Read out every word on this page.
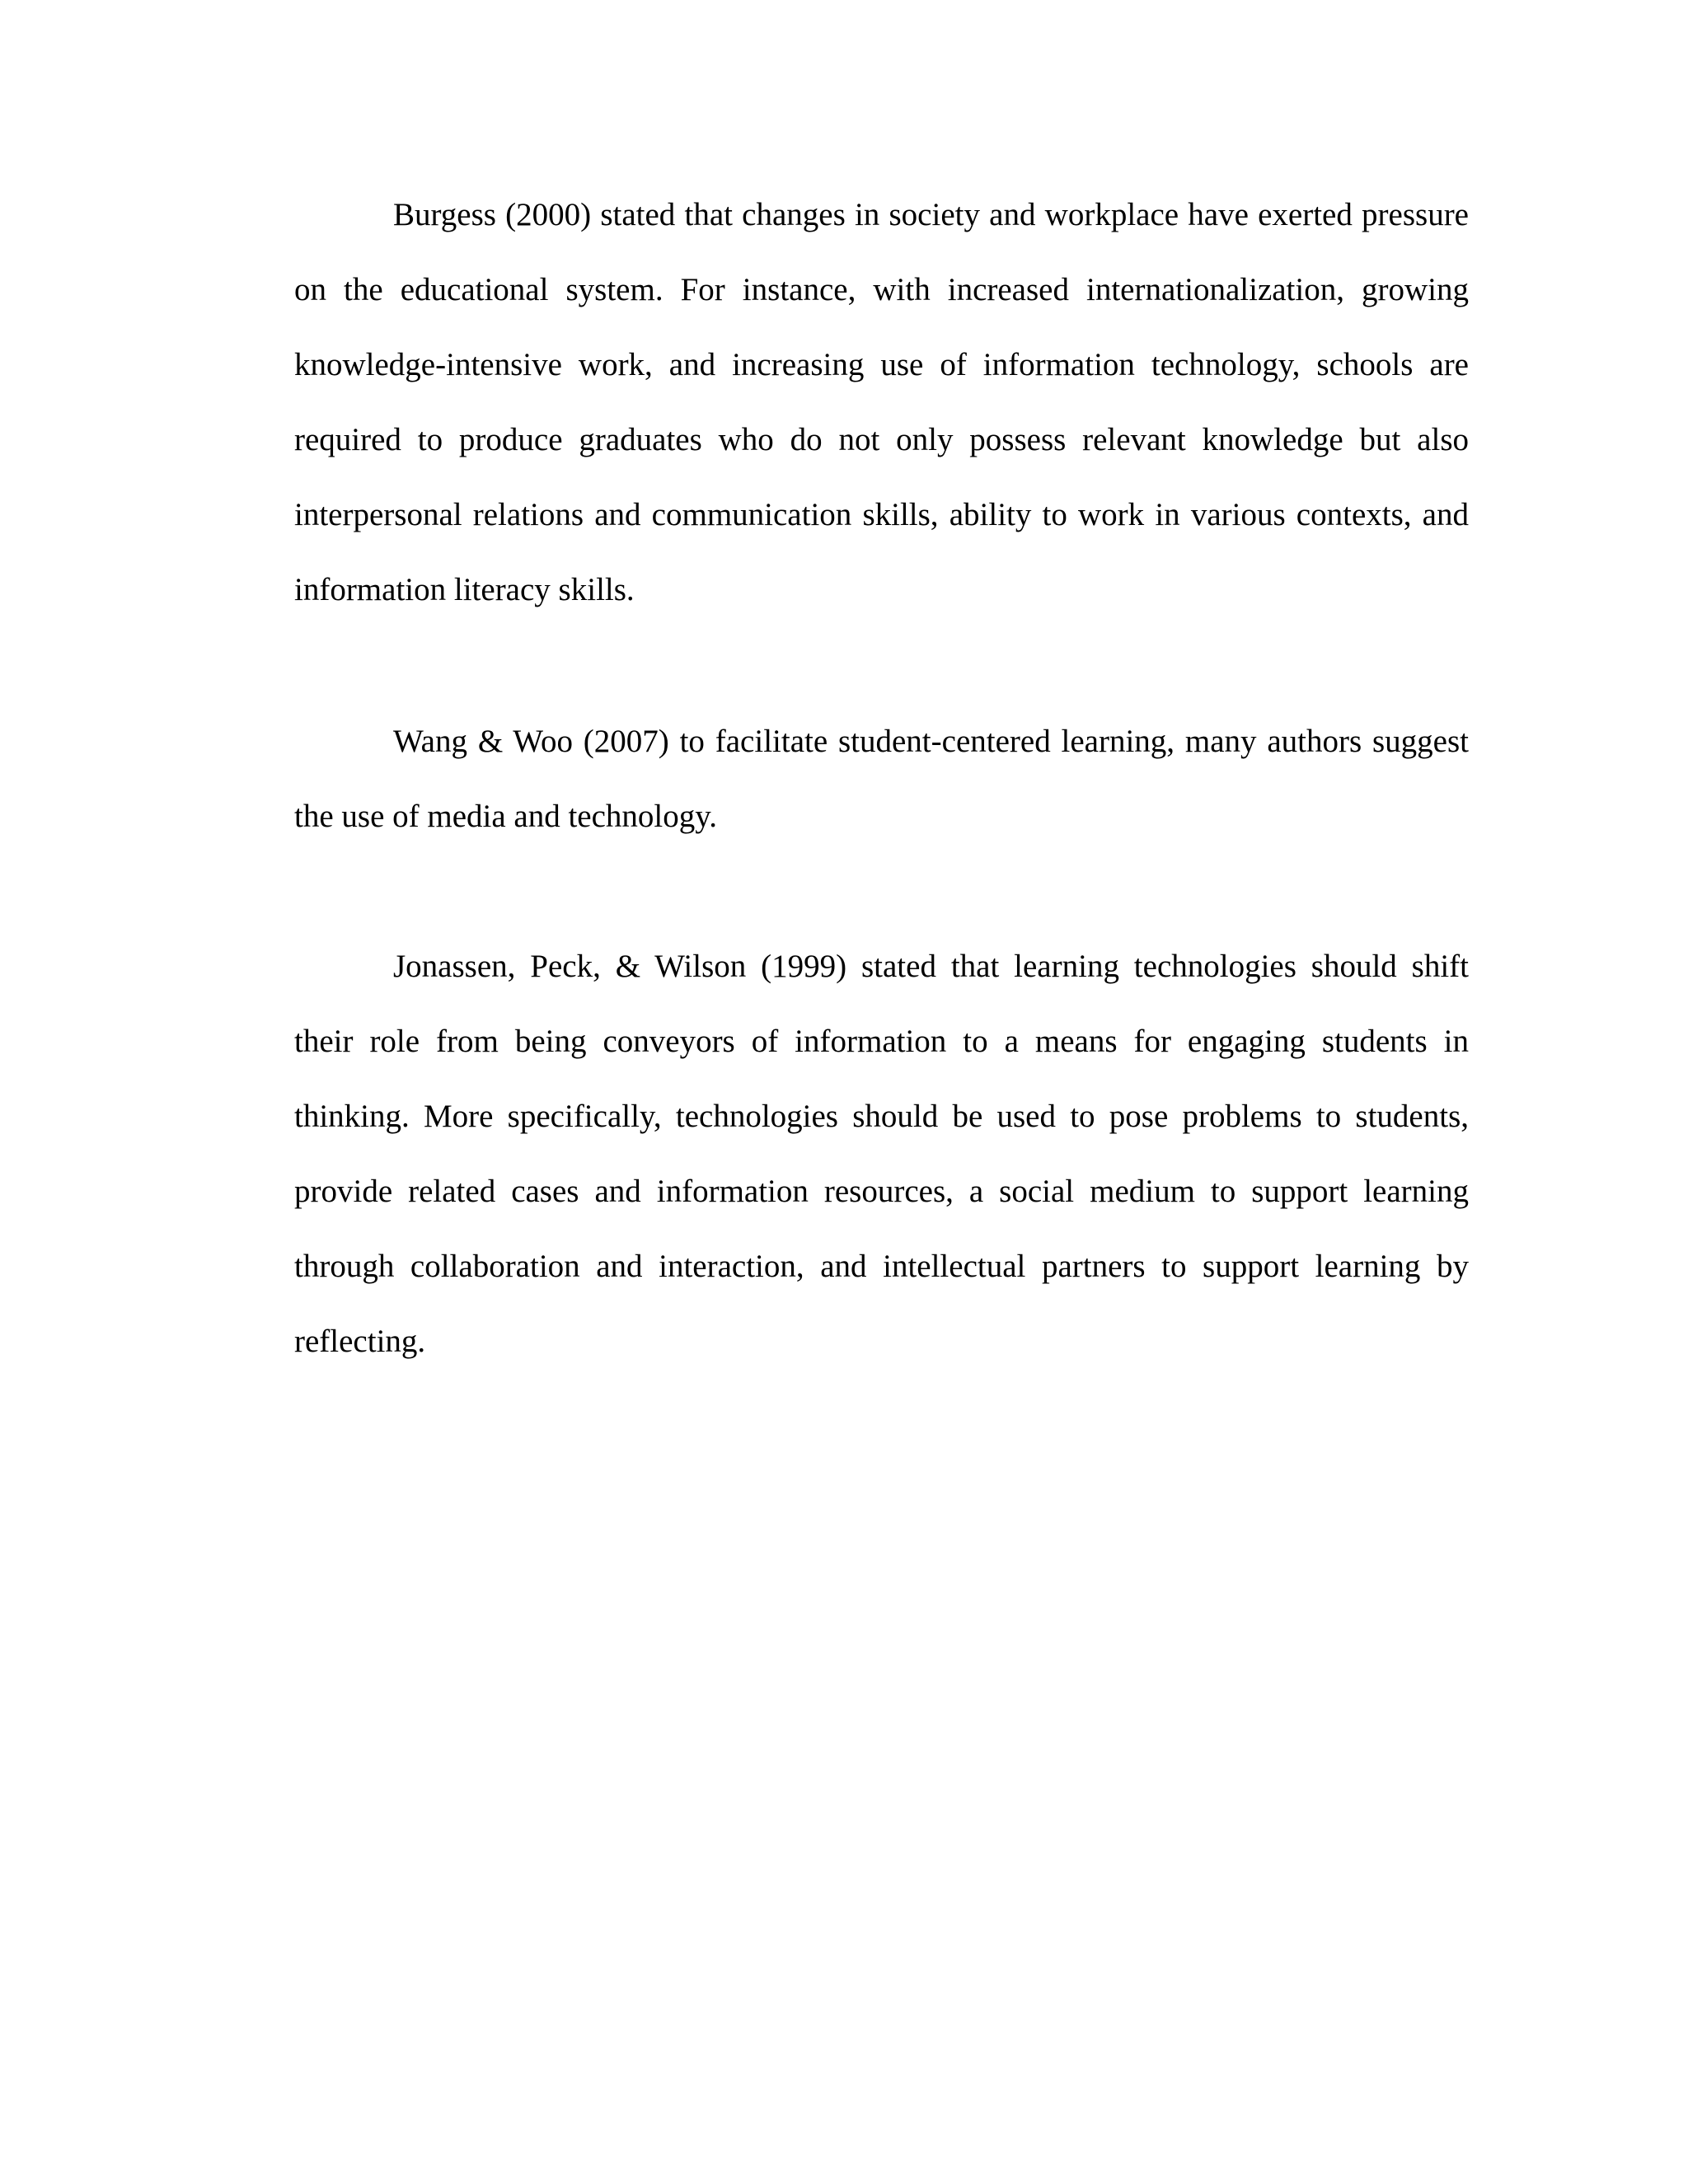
Burgess (2000) stated that changes in society and workplace have exerted pressure on the educational system. For instance, with increased internationalization, growing knowledge-intensive work, and increasing use of information technology, schools are required to produce graduates who do not only possess relevant knowledge but also interpersonal relations and communication skills, ability to work in various contexts, and information literacy skills.

Wang & Woo (2007) to facilitate student-centered learning, many authors suggest the use of media and technology.

Jonassen, Peck, & Wilson (1999) stated that learning technologies should shift their role from being conveyors of information to a means for engaging students in thinking. More specifically, technologies should be used to pose problems to students, provide related cases and information resources, a social medium to support learning through collaboration and interaction, and intellectual partners to support learning by reflecting.
